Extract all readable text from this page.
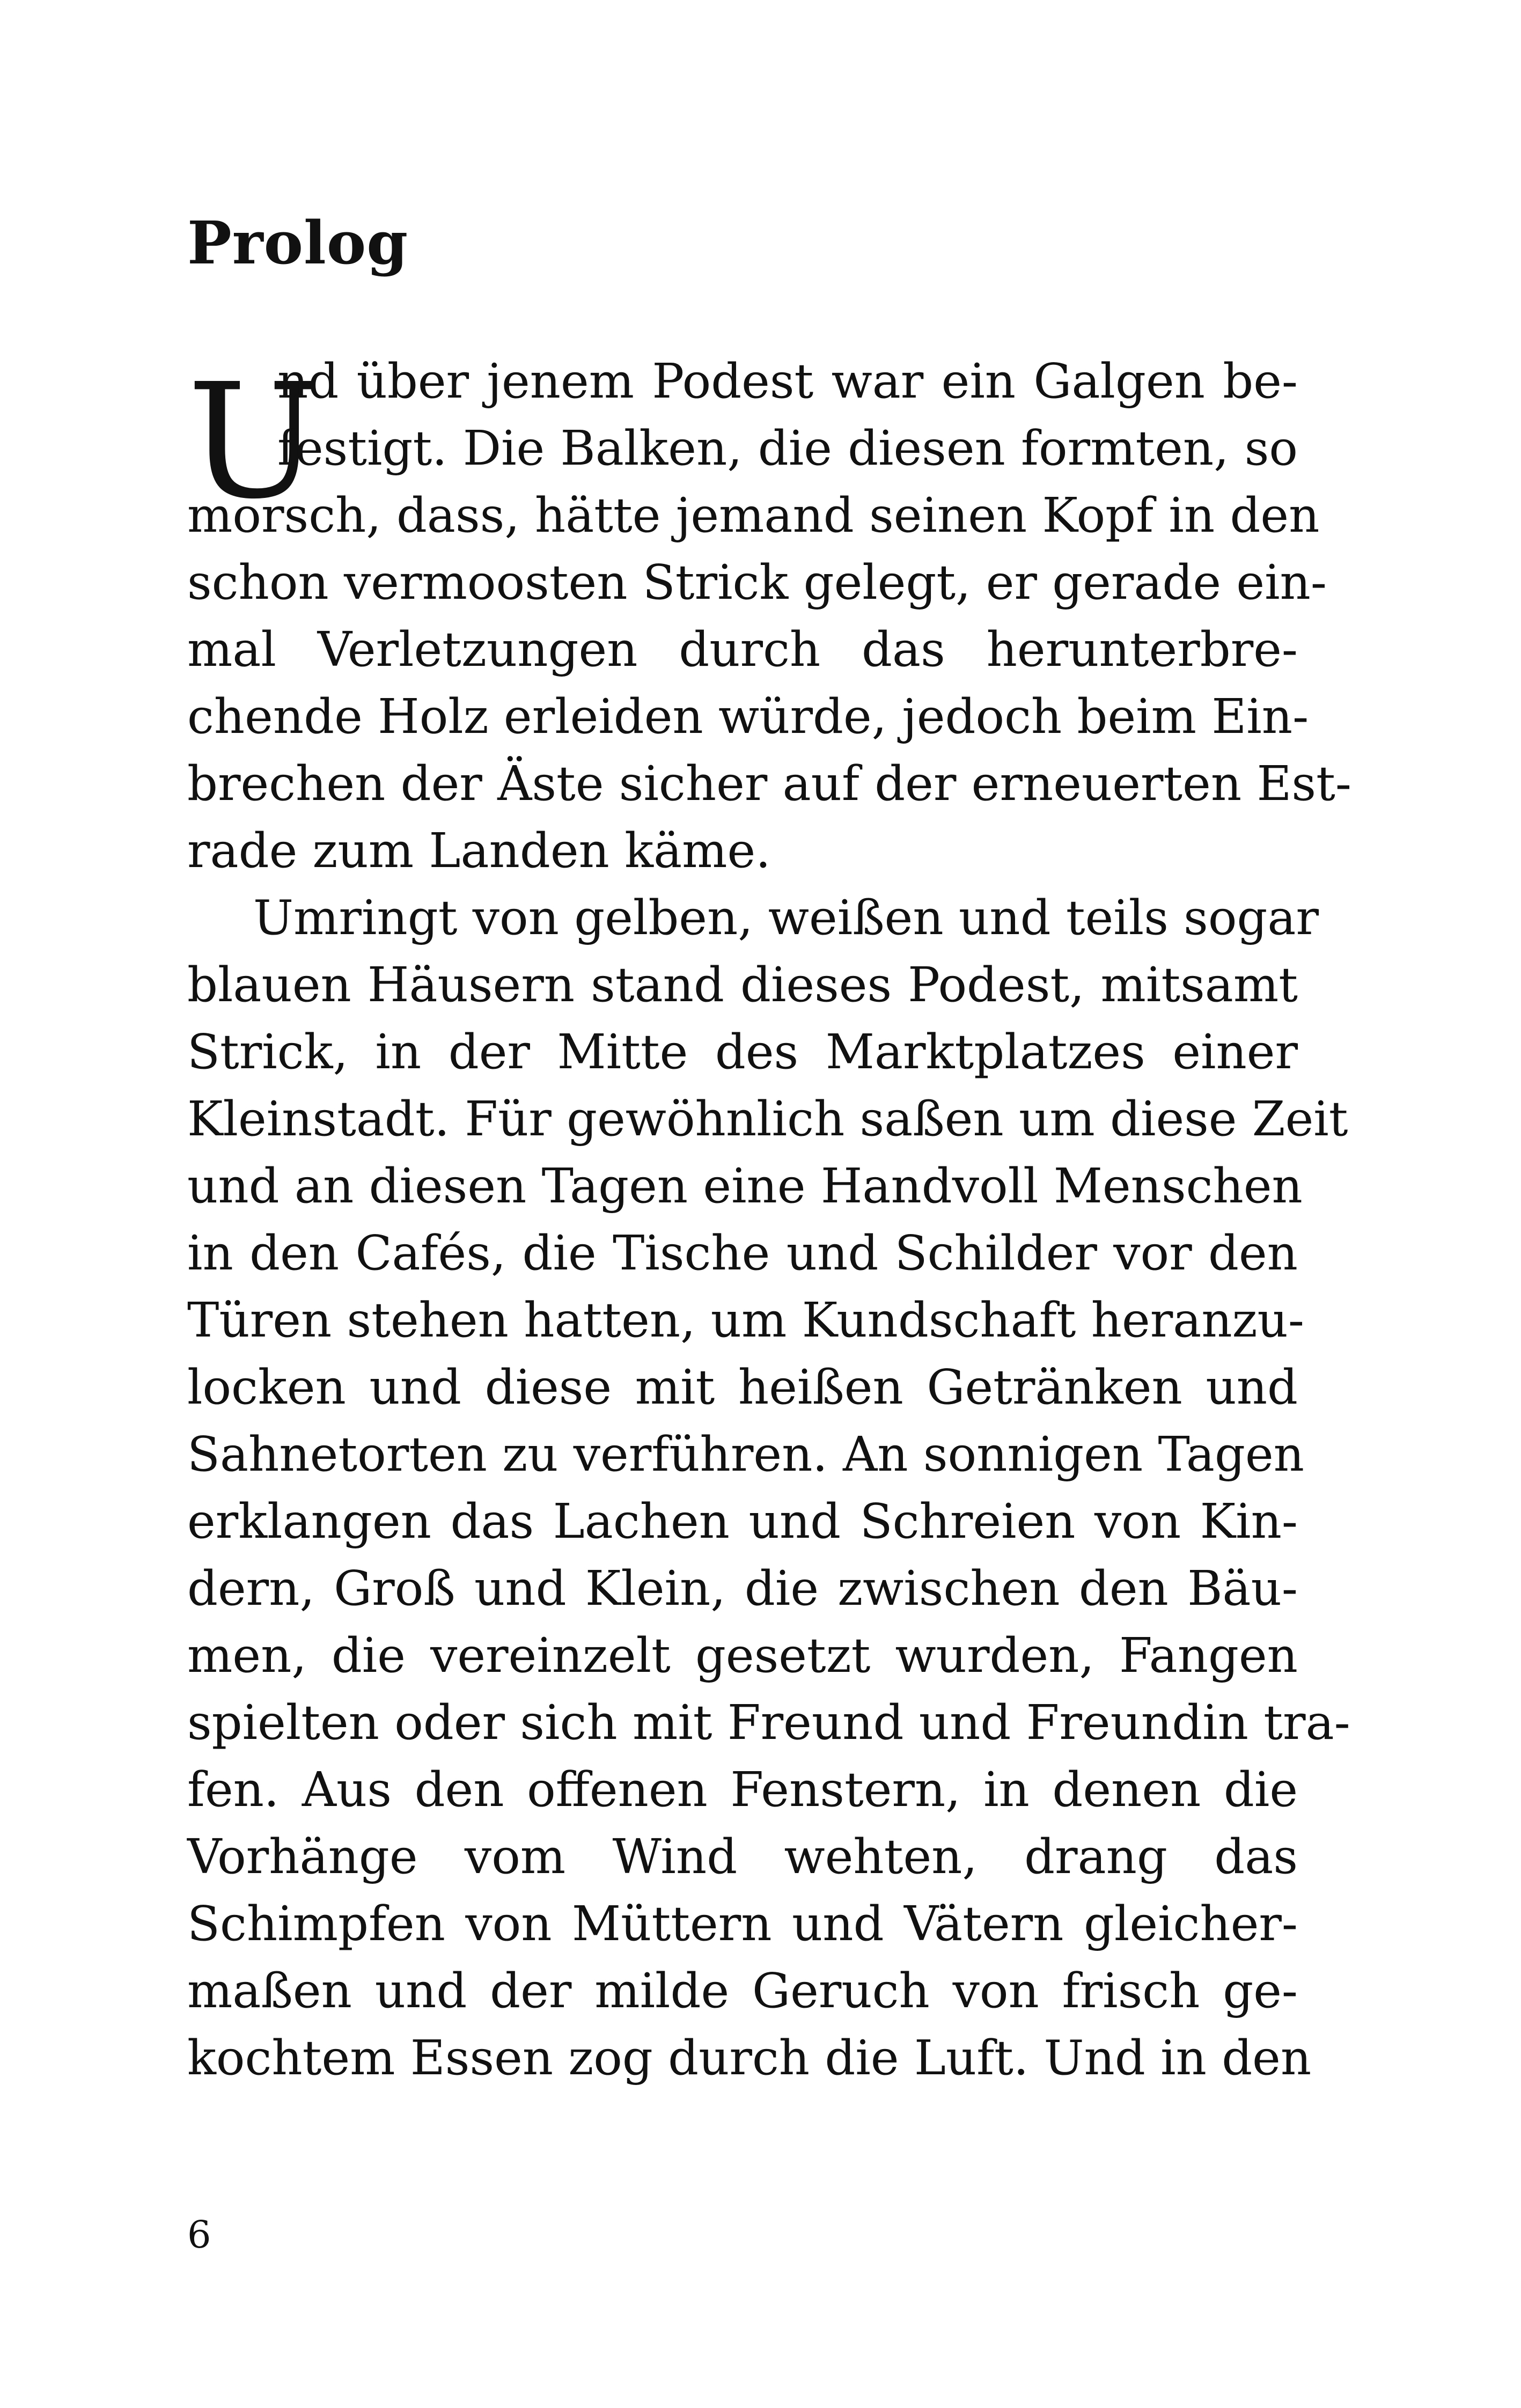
Prolog
U
nd über jenem Podest war ein Galgen be-
festigt. Die Balken, die diesen formten, so
morsch, dass, hätte jemand seinen Kopf in den
schon vermoosten Strick gelegt, er gerade ein-
mal Verletzungen durch das herunterbre-
chende Holz erleiden würde, jedoch beim Ein-
brechen der Äste sicher auf der erneuerten Est-
rade zum Landen käme.
Umringt von gelben, weißen und teils sogar
blauen Häusern stand dieses Podest, mitsamt
Strick, in der Mitte des Marktplatzes einer
Kleinstadt. Für gewöhnlich saßen um diese Zeit
und an diesen Tagen eine Handvoll Menschen
in den Cafés, die Tische und Schilder vor den
Türen stehen hatten, um Kundschaft heranzu-
locken und diese mit heißen Getränken und
Sahnetorten zu verführen. An sonnigen Tagen
erklangen das Lachen und Schreien von Kin-
dern, Groß und Klein, die zwischen den Bäu-
men, die vereinzelt gesetzt wurden, Fangen
spielten oder sich mit Freund und Freundin tra-
fen. Aus den offenen Fenstern, in denen die
Vorhänge vom Wind wehten, drang das
Schimpfen von Müttern und Vätern gleicher-
maßen und der milde Geruch von frisch ge-
kochtem Essen zog durch die Luft. Und in den
6
